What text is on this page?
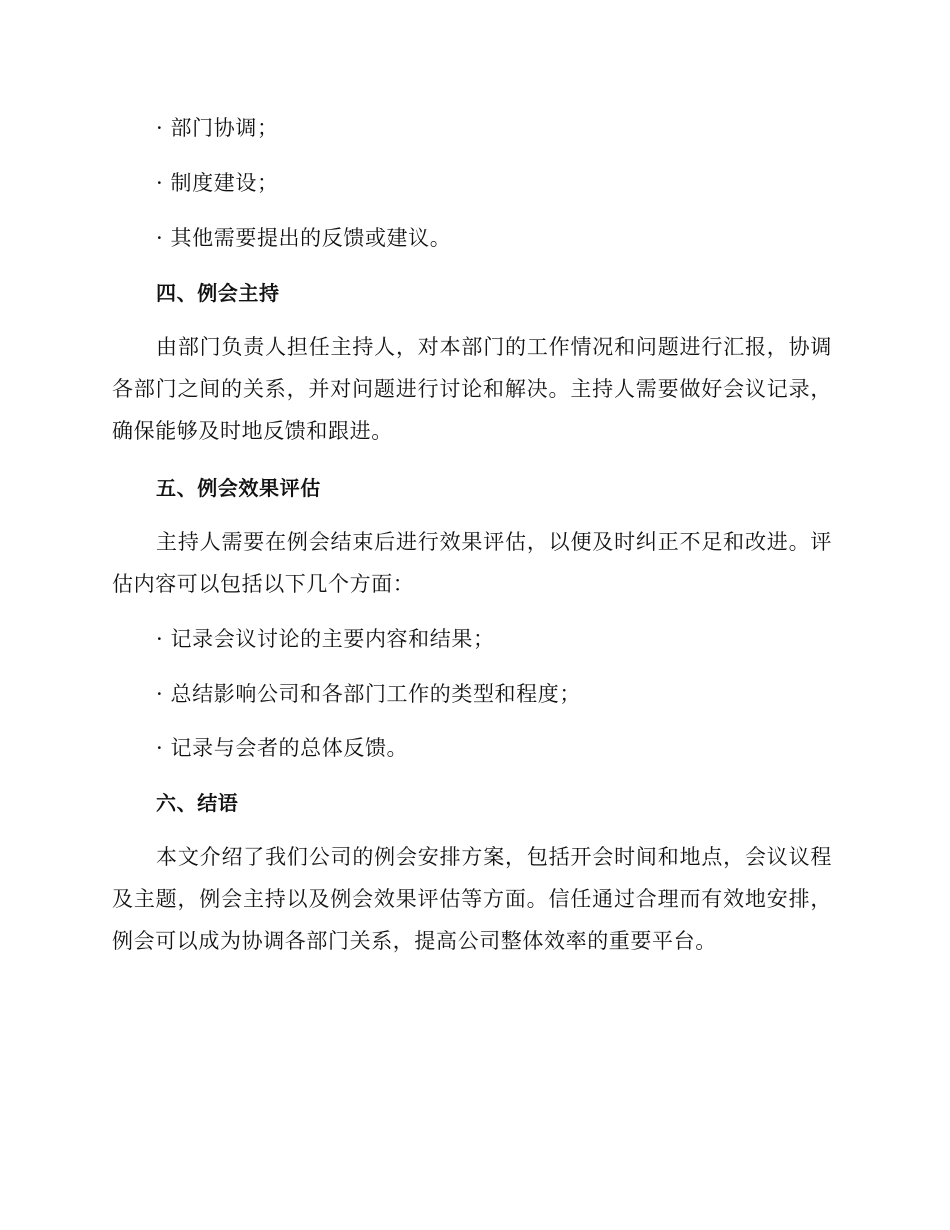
· 部门协调；
· 制度建设；
· 其他需要提出的反馈或建议。
四、例会主持
由部门负责人担任主持人，对本部门的工作情况和问题进行汇报，协调各部门之间的关系，并对问题进行讨论和解决。主持人需要做好会议记录，确保能够及时地反馈和跟进。
五、例会效果评估
主持人需要在例会结束后进行效果评估，以便及时纠正不足和改进。评估内容可以包括以下几个方面：
· 记录会议讨论的主要内容和结果；
· 总结影响公司和各部门工作的类型和程度；
· 记录与会者的总体反馈。
六、结语
本文介绍了我们公司的例会安排方案，包括开会时间和地点，会议议程及主题，例会主持以及例会效果评估等方面。信任通过合理而有效地安排，例会可以成为协调各部门关系，提高公司整体效率的重要平台。
